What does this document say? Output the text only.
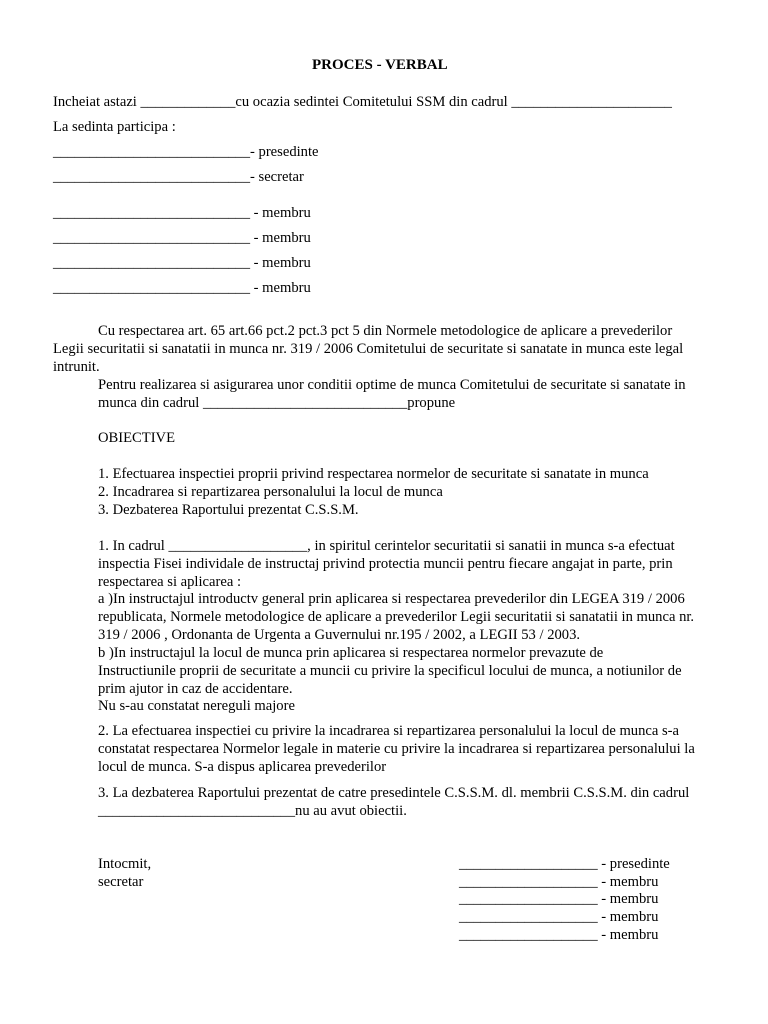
PROCES - VERBAL
Incheiat astazi _____________cu ocazia sedintei Comitetului SSM din cadrul ______________________
La sedinta participa :
___________________________- presedinte
___________________________- secretar
___________________________ - membru
___________________________ - membru
___________________________ - membru
___________________________ - membru
Cu respectarea art. 65 art.66 pct.2 pct.3 pct 5 din Normele metodologice de aplicare a prevederilor
Legii securitatii si sanatatii in munca nr. 319 / 2006 Comitetului de securitate si sanatate in munca este legal
intrunit.
Pentru realizarea si asigurarea unor conditii optime de munca Comitetului de securitate si sanatate in
munca din cadrul ____________________________propune
OBIECTIVE
1. Efectuarea inspectiei proprii privind respectarea normelor de securitate si sanatate in munca
2. Incadrarea si repartizarea personalului la locul de munca
3. Dezbaterea Raportului prezentat C.S.S.M.
1. In cadrul ___________________, in spiritul cerintelor securitatii si sanatii in munca s-a efectuat
inspectia Fisei individale de instructaj privind protectia muncii pentru fiecare angajat in parte, prin
respectarea si aplicarea :
a )In instructajul introductv general prin aplicarea si respectarea prevederilor din LEGEA 319 / 2006
republicata, Normele metodologice de aplicare a prevederilor Legii securitatii si sanatatii in munca nr.
319 / 2006 , Ordonanta de Urgenta a Guvernului nr.195 / 2002, a LEGII 53 / 2003.
b )In instructajul la locul de munca prin aplicarea si respectarea normelor prevazute de
Instructiunile proprii de securitate a muncii cu privire la specificul locului de munca, a notiunilor de
prim ajutor in caz de accidentare.
Nu s-au constatat nereguli majore
2. La efectuarea inspectiei cu privire la incadrarea si repartizarea personalului la locul de munca s-a
constatat respectarea Normelor legale in materie cu privire la incadrarea si repartizarea personalului la
locul de munca. S-a dispus aplicarea prevederilor
3. La dezbaterea Raportului prezentat de catre presedintele C.S.S.M. dl. membrii C.S.S.M. din cadrul
___________________________nu au avut obiectii.
Intocmit,
secretar
___________________ - presedinte
___________________ - membru
___________________ - membru
___________________ - membru
___________________ - membru
